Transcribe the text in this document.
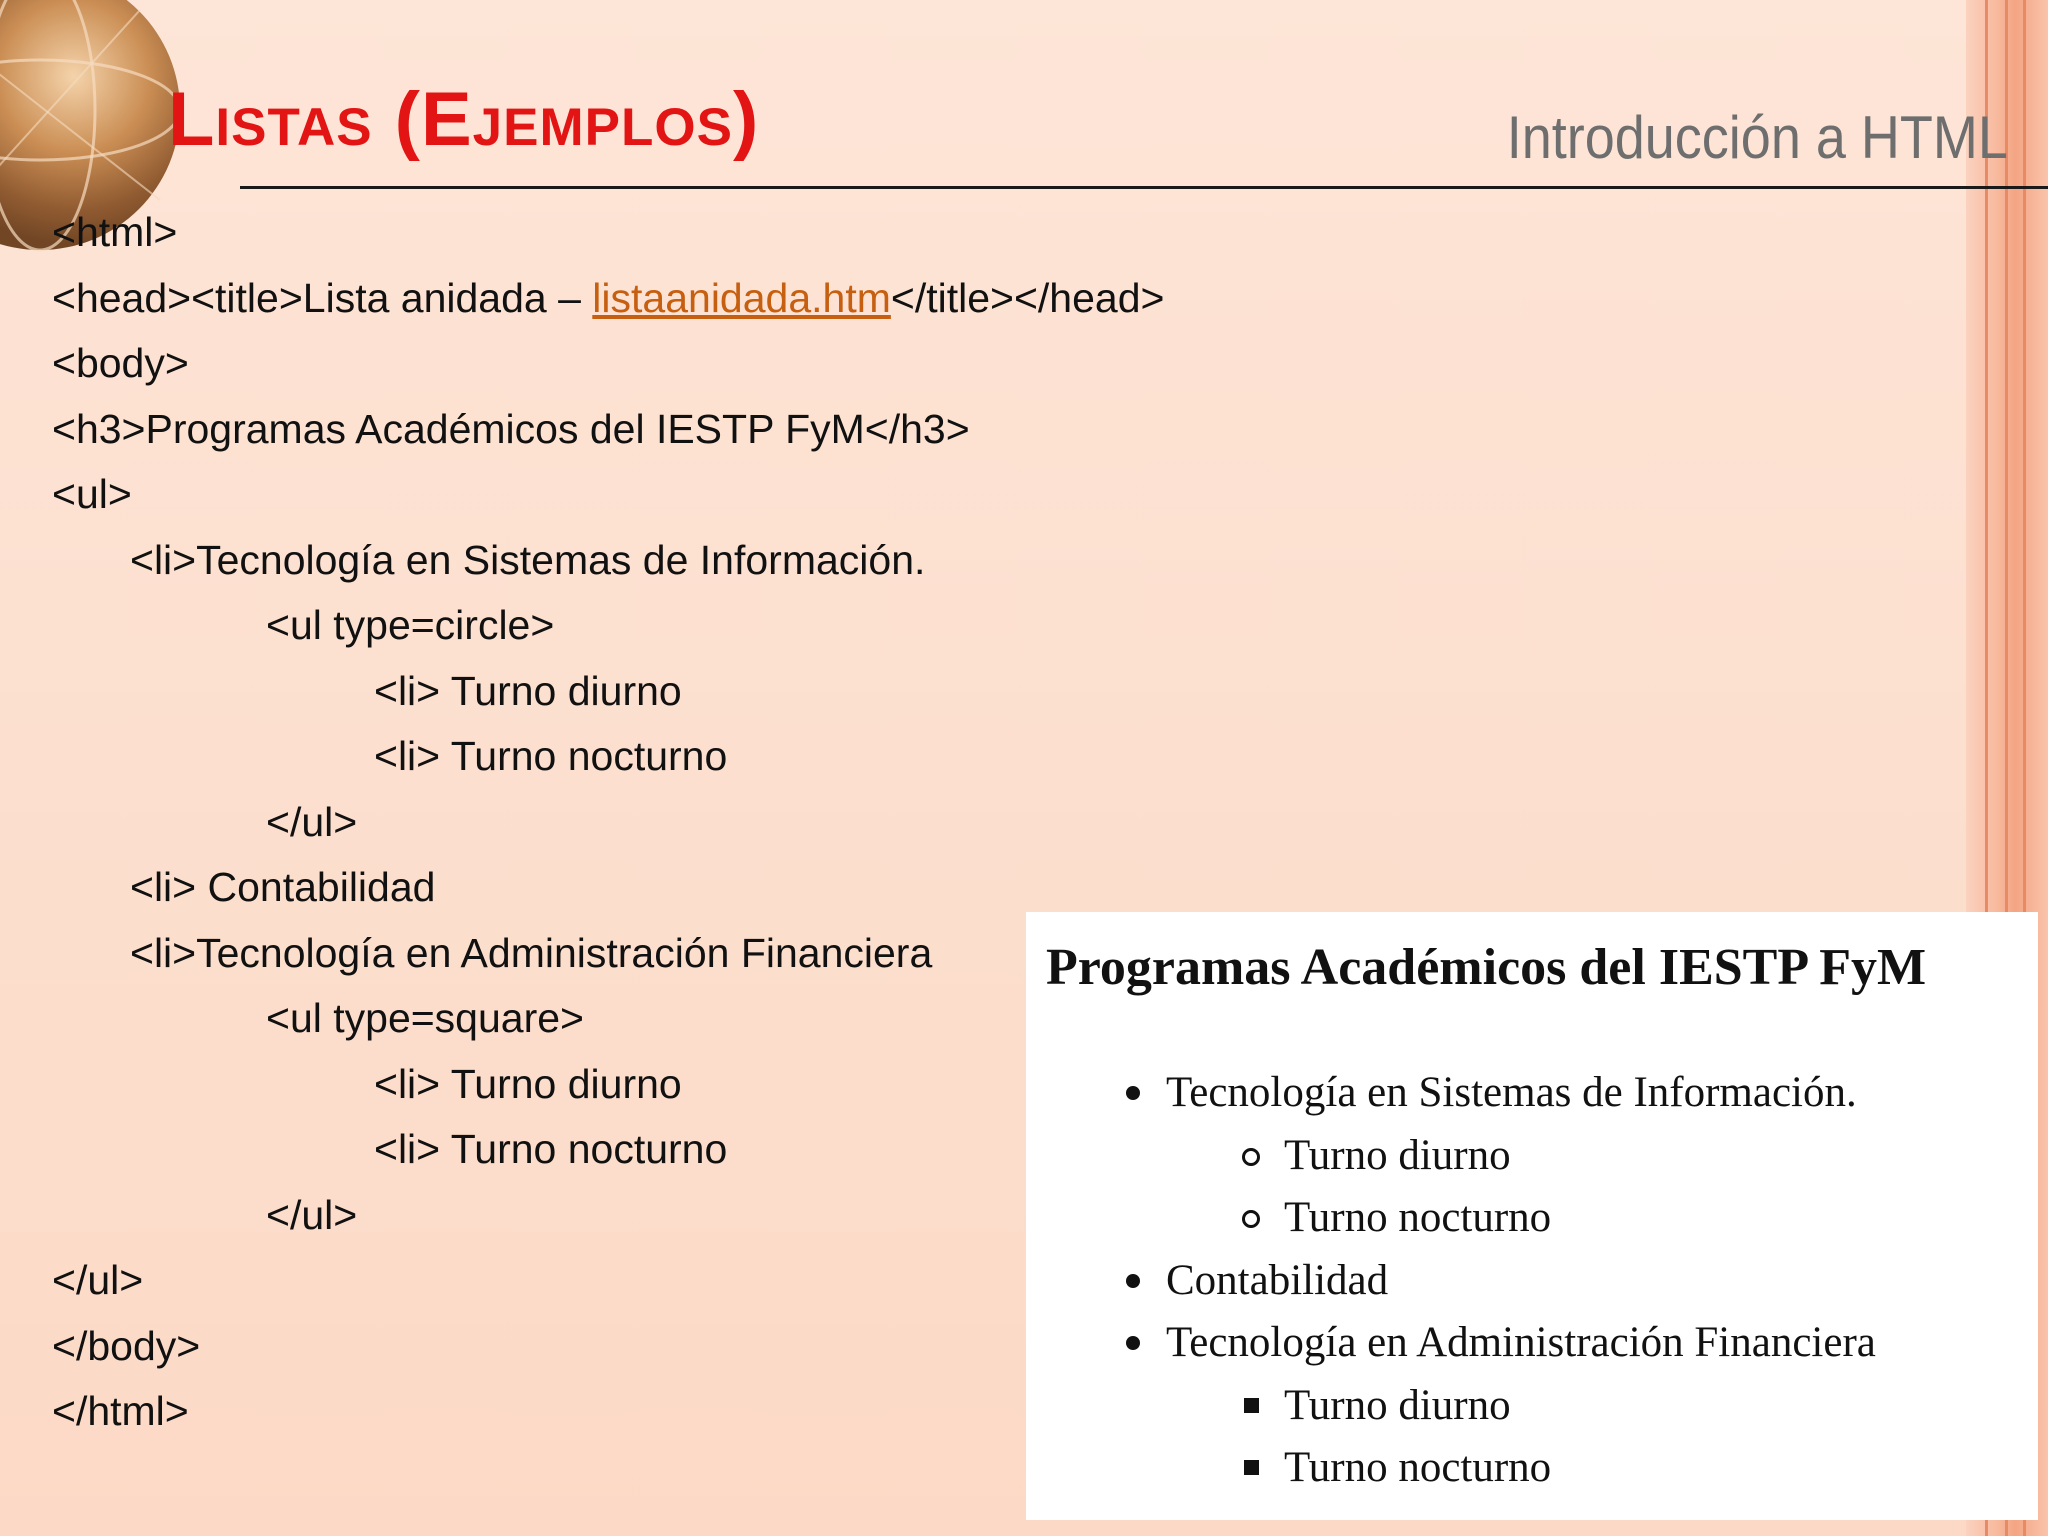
Listas (Ejemplos)	Introducción a HTML
<html>
<head><title>Lista anidada – listaanidada.htm</title></head>
<body>
<h3>Programas Académicos del IESTP FyM</h3>
<ul>
<li>Tecnología en Sistemas de Información.
<ul type=circle>
<li> Turno diurno
<li> Turno nocturno
</ul>
<li> Contabilidad
<li>Tecnología en Administración Financiera
<ul type=square>
<li> Turno diurno
<li> Turno nocturno
</ul>
</ul>
</body>
</html>
Programas Académicos del IESTP FyM
Tecnología en Sistemas de Información.
Turno diurno
Turno nocturno
Contabilidad
Tecnología en Administración Financiera
Turno diurno
Turno nocturno
